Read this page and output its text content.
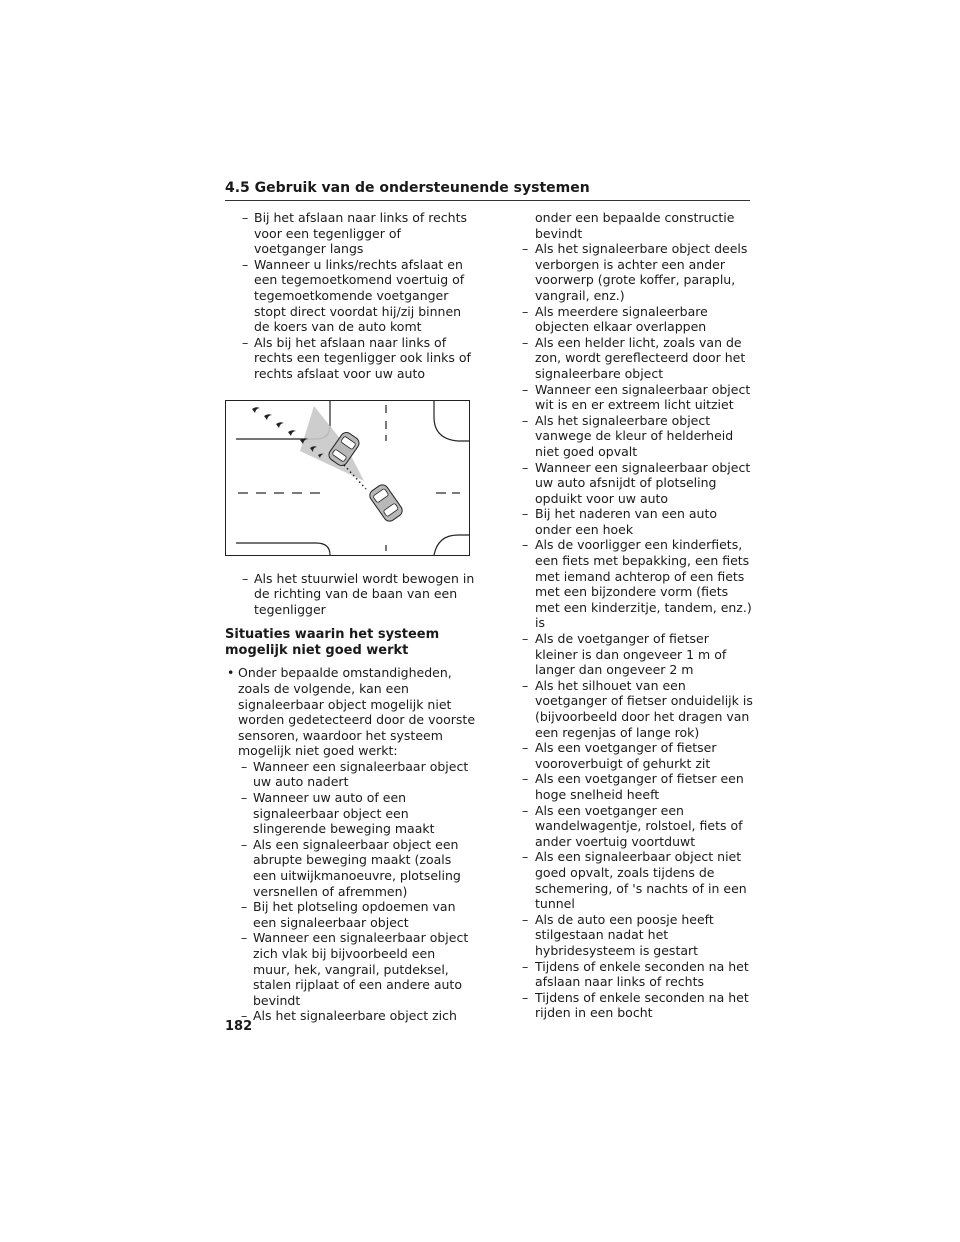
4.5 Gebruik van de ondersteunende systemen
– Bij het afslaan naar links of rechts voor een tegenligger of voetganger langs
– Wanneer u links/rechts afslaat en een tegemoetkomend voertuig of tegemoetkomende voetganger stopt direct voordat hij/zij binnen de koers van de auto komt
– Als bij het afslaan naar links of rechts een tegenligger ook links of rechts afslaat voor uw auto
– Als het stuurwiel wordt bewogen in de richting van de baan van een tegenligger
Situaties waarin het systeem mogelijk niet goed werkt
• Onder bepaalde omstandigheden, zoals de volgende, kan een signaleerbaar object mogelijk niet worden gedetecteerd door de voorste sensoren, waardoor het systeem mogelijk niet goed werkt:
– Wanneer een signaleerbaar object uw auto nadert
– Wanneer uw auto of een signaleerbaar object een slingerende beweging maakt
– Als een signaleerbaar object een abrupte beweging maakt (zoals een uitwijkmanoeuvre, plotseling versnellen of afremmen)
– Bij het plotseling opdoemen van een signaleerbaar object
– Wanneer een signaleerbaar object zich vlak bij bijvoorbeeld een muur, hek, vangrail, putdeksel, stalen rijplaat of een andere auto bevindt
– Als het signaleerbare object zich
onder een bepaalde constructie bevindt
– Als het signaleerbare object deels verborgen is achter een ander voorwerp (grote koffer, paraplu, vangrail, enz.)
– Als meerdere signaleerbare objecten elkaar overlappen
– Als een helder licht, zoals van de zon, wordt gereflecteerd door het signaleerbare object
– Wanneer een signaleerbaar object wit is en er extreem licht uitziet
– Als het signaleerbare object vanwege de kleur of helderheid niet goed opvalt
– Wanneer een signaleerbaar object uw auto afsnijdt of plotseling opduikt voor uw auto
– Bij het naderen van een auto onder een hoek
– Als de voorligger een kinderfiets, een fiets met bepakking, een fiets met iemand achterop of een fiets met een bijzondere vorm (fiets met een kinderzitje, tandem, enz.) is
– Als de voetganger of fietser kleiner is dan ongeveer 1 m of langer dan ongeveer 2 m
– Als het silhouet van een voetganger of fietser onduidelijk is (bijvoorbeeld door het dragen van een regenjas of lange rok)
– Als een voetganger of fietser vooroverbuigt of gehurkt zit
– Als een voetganger of fietser een hoge snelheid heeft
– Als een voetganger een wandelwagentje, rolstoel, fiets of ander voertuig voortduwt
– Als een signaleerbaar object niet goed opvalt, zoals tijdens de schemering, of 's nachts of in een tunnel
– Als de auto een poosje heeft stilgestaan nadat het hybridesysteem is gestart
– Tijdens of enkele seconden na het afslaan naar links of rechts
– Tijdens of enkele seconden na het rijden in een bocht
182
